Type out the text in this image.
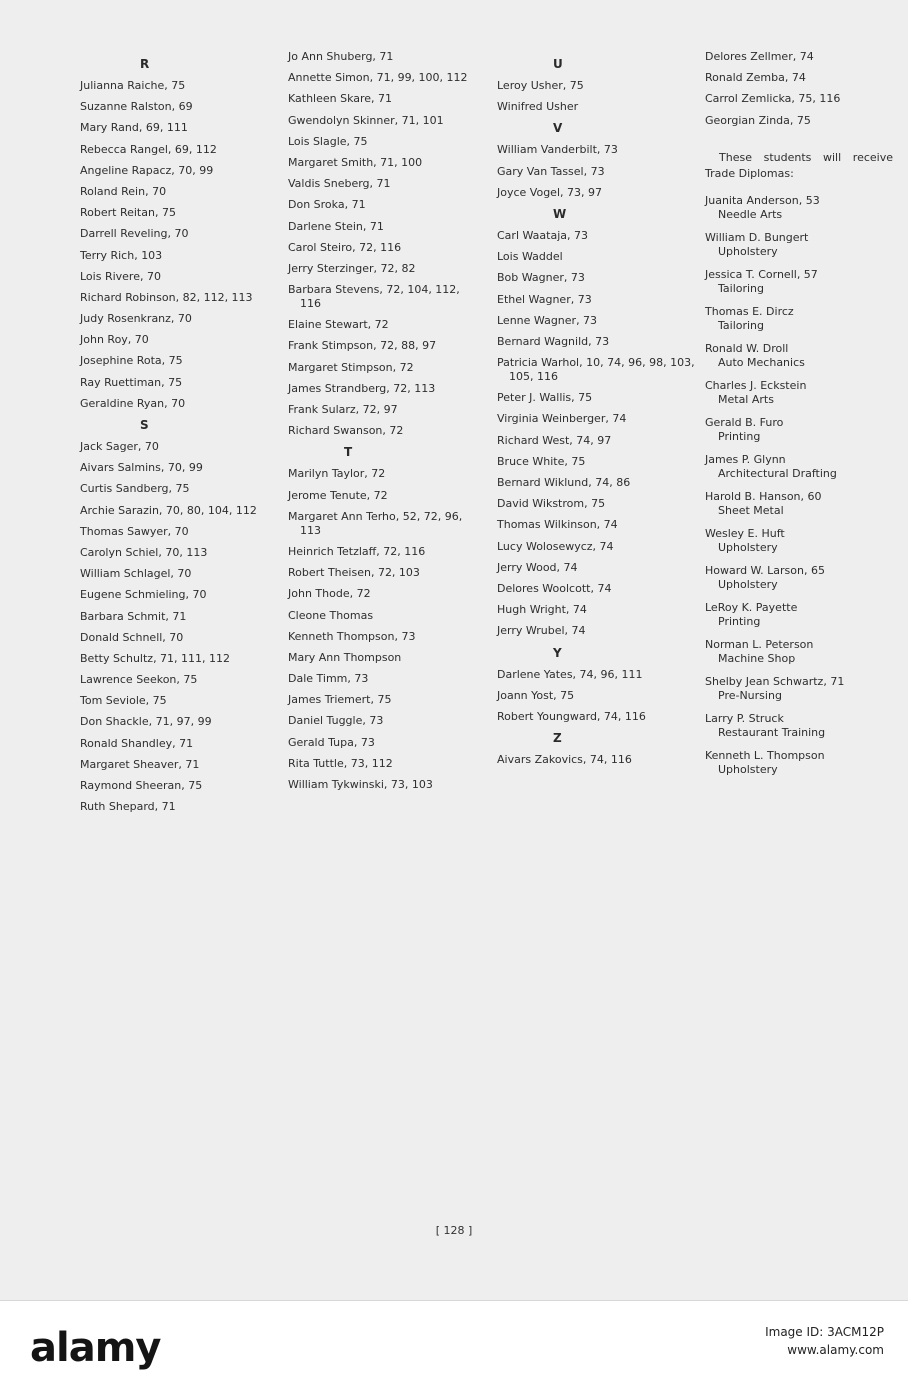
R
Julianna Raiche, 75
Suzanne Ralston, 69
Mary Rand, 69, 111
Rebecca Rangel, 69, 112
Angeline Rapacz, 70, 99
Roland Rein, 70
Robert Reitan, 75
Darrell Reveling, 70
Terry Rich, 103
Lois Rivere, 70
Richard Robinson, 82, 112, 113
Judy Rosenkranz, 70
John Roy, 70
Josephine Rota, 75
Ray Ruettiman, 75
Geraldine Ryan, 70
S
Jack Sager, 70
Aivars Salmins, 70, 99
Curtis Sandberg, 75
Archie Sarazin, 70, 80, 104, 112
Thomas Sawyer, 70
Carolyn Schiel, 70, 113
William Schlagel, 70
Eugene Schmieling, 70
Barbara Schmit, 71
Donald Schnell, 70
Betty Schultz, 71, 111, 112
Lawrence Seekon, 75
Tom Seviole, 75
Don Shackle, 71, 97, 99
Ronald Shandley, 71
Margaret Sheaver, 71
Raymond Sheeran, 75
Ruth Shepard, 71
Jo Ann Shuberg, 71
Annette Simon, 71, 99, 100, 112
Kathleen Skare, 71
Gwendolyn Skinner, 71, 101
Lois Slagle, 75
Margaret Smith, 71, 100
Valdis Sneberg, 71
Don Sroka, 71
Darlene Stein, 71
Carol Steiro, 72, 116
Jerry Sterzinger, 72, 82
Barbara Stevens, 72, 104, 112, 116
Elaine Stewart, 72
Frank Stimpson, 72, 88, 97
Margaret Stimpson, 72
James Strandberg, 72, 113
Frank Sularz, 72, 97
Richard Swanson, 72
T
Marilyn Taylor, 72
Jerome Tenute, 72
Margaret Ann Terho, 52, 72, 96, 113
Heinrich Tetzlaff, 72, 116
Robert Theisen, 72, 103
John Thode, 72
Cleone Thomas
Kenneth Thompson, 73
Mary Ann Thompson
Dale Timm, 73
James Triemert, 75
Daniel Tuggle, 73
Gerald Tupa, 73
Rita Tuttle, 73, 112
William Tykwinski, 73, 103
U
Leroy Usher, 75
Winifred Usher
V
William Vanderbilt, 73
Gary Van Tassel, 73
Joyce Vogel, 73, 97
W
Carl Waataja, 73
Lois Waddel
Bob Wagner, 73
Ethel Wagner, 73
Lenne Wagner, 73
Bernard Wagnild, 73
Patricia Warhol, 10, 74, 96, 98, 103, 105, 116
Peter J. Wallis, 75
Virginia Weinberger, 74
Richard West, 74, 97
Bruce White, 75
Bernard Wiklund, 74, 86
David Wikstrom, 75
Thomas Wilkinson, 74
Lucy Wolosewycz, 74
Jerry Wood, 74
Delores Woolcott, 74
Hugh Wright, 74
Jerry Wrubel, 74
Y
Darlene Yates, 74, 96, 111
Joann Yost, 75
Robert Youngward, 74, 116
Z
Aivars Zakovics, 74, 116
Delores Zellmer, 74
Ronald Zemba, 74
Carrol Zemlicka, 75, 116
Georgian Zinda, 75
These students will receive Trade Diplomas:
Juanita Anderson, 53
Needle Arts
William D. Bungert
Upholstery
Jessica T. Cornell, 57
Tailoring
Thomas E. Dircz
Tailoring
Ronald W. Droll
Auto Mechanics
Charles J. Eckstein
Metal Arts
Gerald B. Furo
Printing
James P. Glynn
Architectural Drafting
Harold B. Hanson, 60
Sheet Metal
Wesley E. Huft
Upholstery
Howard W. Larson, 65
Upholstery
LeRoy K. Payette
Printing
Norman L. Peterson
Machine Shop
Shelby Jean Schwartz, 71
Pre-Nursing
Larry P. Struck
Restaurant Training
Kenneth L. Thompson
Upholstery
[ 128 ]
alamy	Image ID: 3ACM12P
www.alamy.com
